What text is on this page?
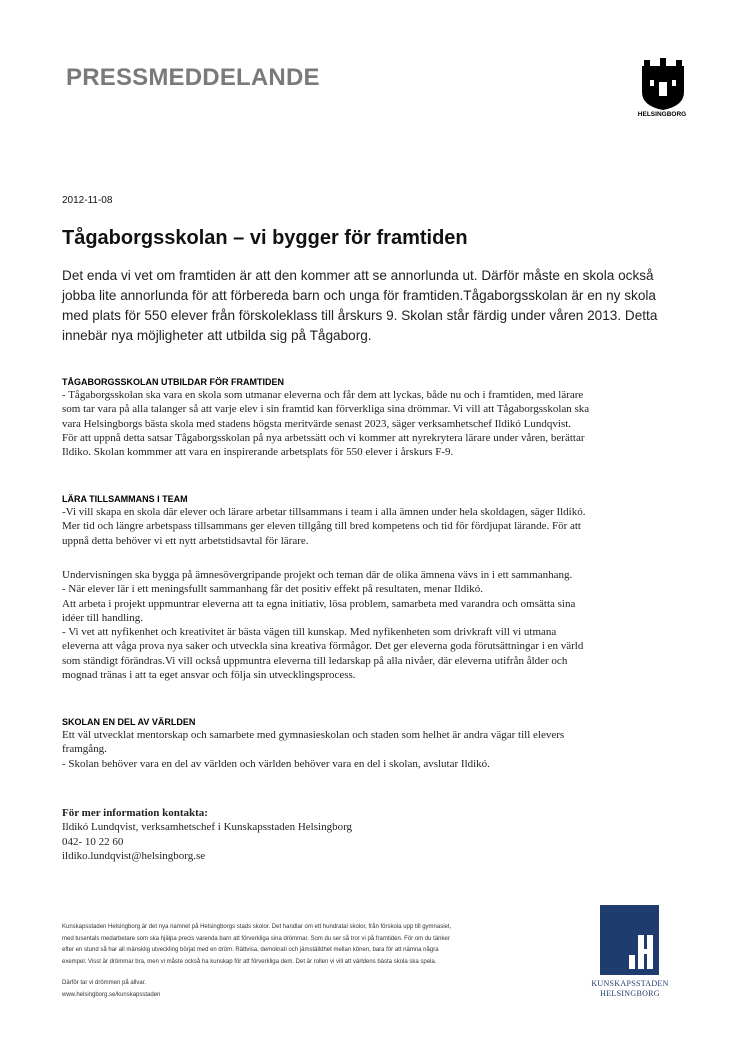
PRESSMEDDELANDE
HELSINGBORG
2012-11-08
Tågaborgsskolan – vi bygger för framtiden
Det enda vi vet om framtiden är att den kommer att se annorlunda ut. Därför måste en skola också
jobba lite annorlunda för att förbereda barn och unga för framtiden.Tågaborgsskolan är en ny skola
med plats för 550 elever från förskoleklass till årskurs 9. Skolan står färdig under våren 2013. Detta
innebär nya möjligheter att utbilda sig på Tågaborg.
TÅGABORGSSKOLAN UTBILDAR FÖR FRAMTIDEN
- Tågaborgsskolan ska vara en skola som utmanar eleverna och får dem att lyckas, både nu och i framtiden, med lärare
som tar vara på alla talanger så att varje elev i sin framtid kan förverkliga sina drömmar. Vi vill att Tågaborgsskolan ska
vara Helsingborgs bästa skola med stadens högsta meritvärde senast 2023, säger verksamhetschef Ildikó Lundqvist.
För att uppnå detta satsar Tågaborgsskolan på nya arbetssätt och vi kommer att nyrekrytera lärare under våren, berättar
Ildiko. Skolan kommmer att vara en inspirerande arbetsplats för 550 elever i årskurs F-9.
LÄRA TILLSAMMANS I TEAM
-Vi vill skapa en skola där elever och lärare arbetar tillsammans i team i alla ämnen under hela skoldagen, säger Ildikó.
Mer tid och längre arbetspass tillsammans ger eleven tillgång till bred kompetens och tid för fördjupat lärande. För att
uppnå detta behöver vi ett nytt arbetstidsavtal för lärare.
Undervisningen ska bygga på ämnesövergripande projekt och teman där de olika ämnena vävs in i ett sammanhang.
- När elever lär i ett meningsfullt sammanhang får det positiv effekt på resultaten, menar Ildikó.
Att arbeta i projekt uppmuntrar eleverna att ta egna initiativ, lösa problem, samarbeta med varandra och omsätta sina
idéer till handling.
- Vi vet att nyfikenhet och kreativitet är bästa vägen till kunskap. Med nyfikenheten som drivkraft vill vi utmana
eleverna att våga prova nya saker och utveckla sina kreativa förmågor. Det ger eleverna goda förutsättningar i en värld
som ständigt förändras.Vi vill också uppmuntra eleverna till ledarskap på alla nivåer, där eleverna utifrån ålder och
mognad tränas i att ta eget ansvar och följa sin utvecklingsprocess.
SKOLAN EN DEL AV VÄRLDEN
Ett väl utvecklat mentorskap och samarbete med gymnasieskolan och staden som helhet är andra vägar till elevers
framgång.
- Skolan behöver vara en del av världen och världen behöver vara en del i skolan, avslutar Ildikó.
För mer information kontakta:
Ildikó Lundqvist, verksamhetschef i Kunskapsstaden Helsingborg
042- 10 22 60
ildiko.lundqvist@helsingborg.se
Kunskapsstaden Helsingborg är det nya namnet på Helsingborgs stads skolor. Det handlar om ett hundratal skolor, från förskola upp till gymnasiet,
med tusentals medarbetare som ska hjälpa precis varenda barn att förverkliga sina drömmar. Som du ser så tror vi på framtiden. För om du tänker
efter en stund så har all mänsklig utveckling börjat med en dröm. Rättvisa, demokrati och jämställdhet mellan könen, bara för att nämna några
exempel. Visst är drömmar bra, men vi måste också ha kunskap för att förverkliga dem. Det är rollen vi vill att världens bästa skola ska spela.
Därför tar vi drömmen på allvar.
www.helsingborg.se/kunskapsstaden
KUNSKAPSSTADEN
HELSINGBORG
